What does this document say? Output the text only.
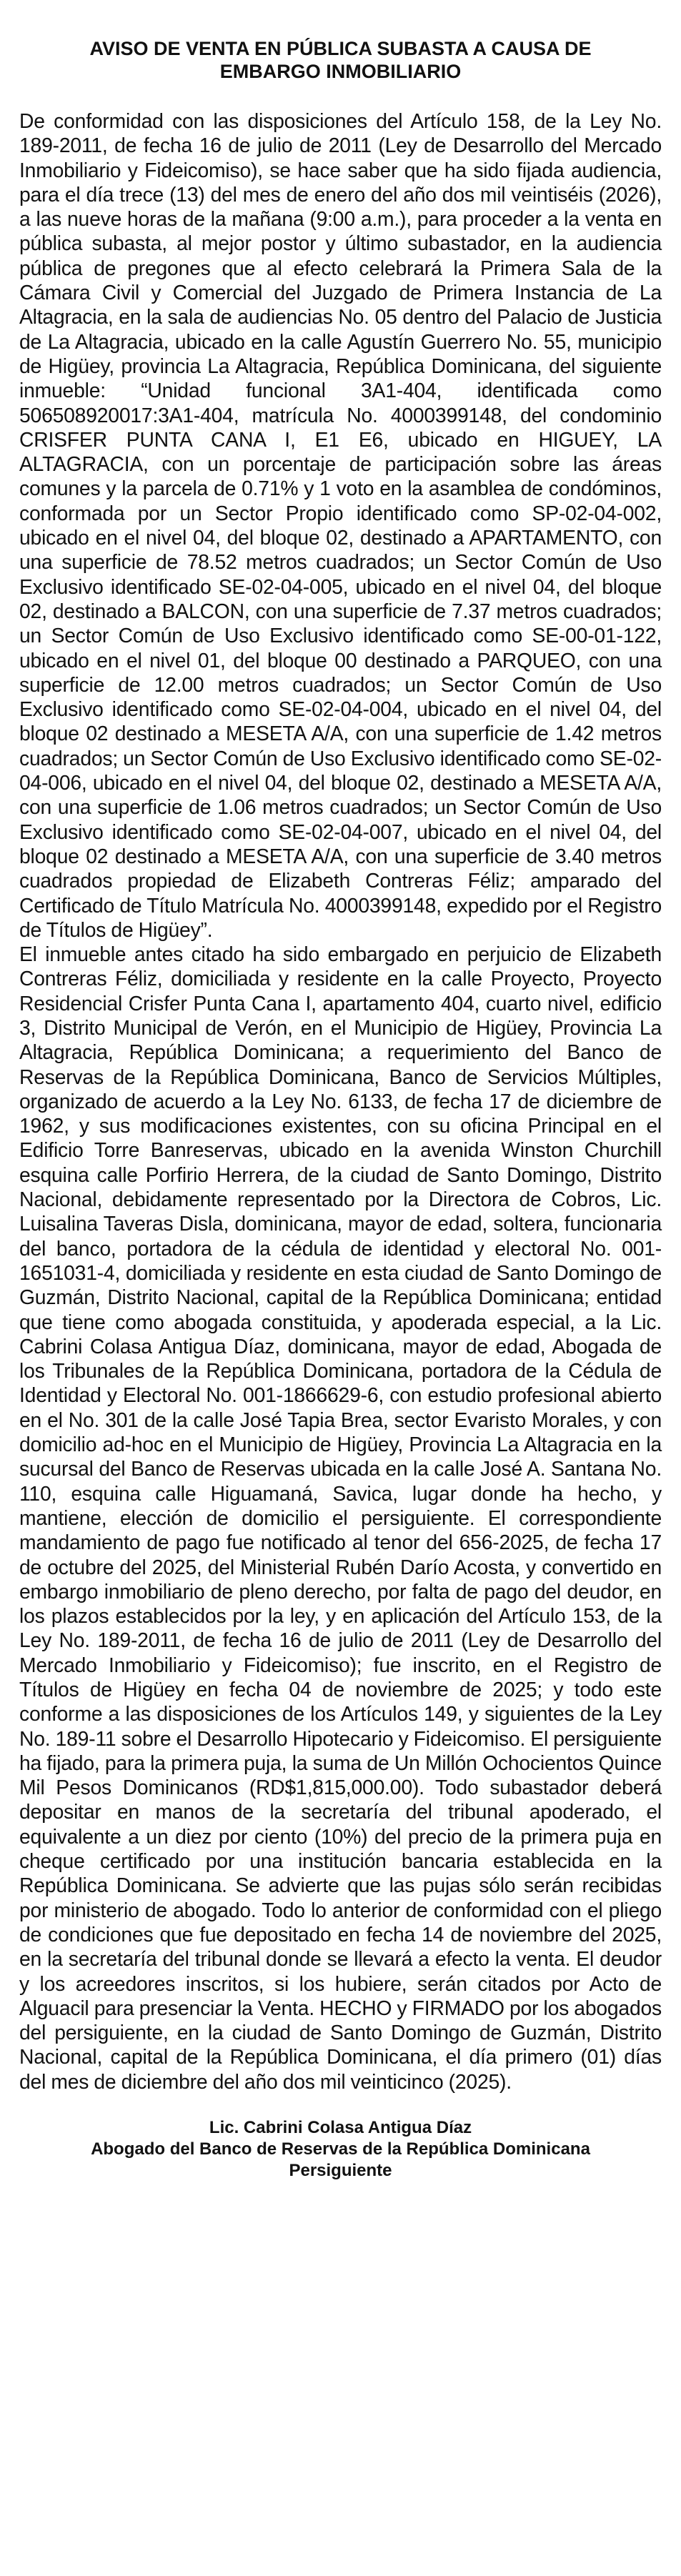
AVISO DE VENTA EN PÚBLICA SUBASTA A CAUSA DE EMBARGO INMOBILIARIO

De conformidad con las disposiciones del Artículo 158, de la Ley No. 189-2011, de fecha 16 de julio de 2011 (Ley de Desarrollo del Mercado Inmobiliario y Fideicomiso), se hace saber que ha sido fijada audiencia, para el día trece (13) del mes de enero del año dos mil veintiséis (2026), a las nueve horas de la mañana (9:00 a.m.), para proceder a la venta en pública subasta, al mejor postor y último subastador, en la audiencia pública de pregones que al efecto celebrará la Primera Sala de la Cámara Civil y Comercial del Juzgado de Primera Instancia de La Altagracia, en la sala de audiencias No. 05 dentro del Palacio de Justicia de La Altagracia, ubicado en la calle Agustín Guerrero No. 55, municipio de Higüey, provincia La Altagracia, República Dominicana, del siguiente inmueble: “Unidad funcional 3A1-404, identificada como 506508920017:3A1-404, matrícula No. 4000399148, del condominio CRISFER PUNTA CANA I, E1 E6, ubicado en HIGUEY, LA ALTAGRACIA, con un porcentaje de participación sobre las áreas comunes y la parcela de 0.71% y 1 voto en la asamblea de condóminos, conformada por un Sector Propio identificado como SP-02-04-002, ubicado en el nivel 04, del bloque 02, destinado a APARTAMENTO, con una superficie de 78.52 metros cuadrados; un Sector Común de Uso Exclusivo identificado SE-02-04-005, ubicado en el nivel 04, del bloque 02, destinado a BALCON, con una superficie de 7.37 metros cuadrados; un Sector Común de Uso Exclusivo identificado como SE-00-01-122, ubicado en el nivel 01, del bloque 00 destinado a PARQUEO, con una superficie de 12.00 metros cuadrados; un Sector Común de Uso Exclusivo identificado como SE-02-04-004, ubicado en el nivel 04, del bloque 02 destinado a MESETA A/A, con una superficie de 1.42 metros cuadrados; un Sector Común de Uso Exclusivo identificado como SE-02-04-006, ubicado en el nivel 04, del bloque 02, destinado a MESETA A/A, con una superficie de 1.06 metros cuadrados; un Sector Común de Uso Exclusivo identificado como SE-02-04-007, ubicado en el nivel 04, del bloque 02 destinado a MESETA A/A, con una superficie de 3.40 metros cuadrados propiedad de Elizabeth Contreras Féliz; amparado del Certificado de Título Matrícula No. 4000399148, expedido por el Registro de Títulos de Higüey”.

El inmueble antes citado ha sido embargado en perjuicio de Elizabeth Contreras Féliz, domiciliada y residente en la calle Proyecto, Proyecto Residencial Crisfer Punta Cana I, apartamento 404, cuarto nivel, edificio 3, Distrito Municipal de Verón, en el Municipio de Higüey, Provincia La Altagracia, República Dominicana; a requerimiento del Banco de Reservas de la República Dominicana, Banco de Servicios Múltiples, organizado de acuerdo a la Ley No. 6133, de fecha 17 de diciembre de 1962, y sus modificaciones existentes, con su oficina Principal en el Edificio Torre Banreservas, ubicado en la avenida Winston Churchill esquina calle Porfirio Herrera, de la ciudad de Santo Domingo, Distrito Nacional, debidamente representado por la Directora de Cobros, Lic. Luisalina Taveras Disla, dominicana, mayor de edad, soltera, funcionaria del banco, portadora de la cédula de identidad y electoral No. 001-1651031-4, domiciliada y residente en esta ciudad de Santo Domingo de Guzmán, Distrito Nacional, capital de la República Dominicana; entidad que tiene como abogada constituida, y apoderada especial, a la Lic. Cabrini Colasa Antigua Díaz, dominicana, mayor de edad, Abogada de los Tribunales de la República Dominicana, portadora de la Cédula de Identidad y Electoral No. 001-1866629-6, con estudio profesional abierto en el No. 301 de la calle José Tapia Brea, sector Evaristo Morales, y con domicilio ad-hoc en el Municipio de Higüey, Provincia La Altagracia en la sucursal del Banco de Reservas ubicada en la calle José A. Santana No. 110, esquina calle Higuamaná, Savica, lugar donde ha hecho, y mantiene, elección de domicilio el persiguiente. El correspondiente mandamiento de pago fue notificado al tenor del 656-2025, de fecha 17 de octubre del 2025, del Ministerial Rubén Darío Acosta, y convertido en embargo inmobiliario de pleno derecho, por falta de pago del deudor, en los plazos establecidos por la ley, y en aplicación del Artículo 153, de la Ley No. 189-2011, de fecha 16 de julio de 2011 (Ley de Desarrollo del Mercado Inmobiliario y Fideicomiso); fue inscrito, en el Registro de Títulos de Higüey en fecha 04 de noviembre de 2025; y todo este conforme a las disposiciones de los Artículos 149, y siguientes de la Ley No. 189-11 sobre el Desarrollo Hipotecario y Fideicomiso. El persiguiente ha fijado, para la primera puja, la suma de Un Millón Ochocientos Quince Mil Pesos Dominicanos (RD$1,815,000.00). Todo subastador deberá depositar en manos de la secretaría del tribunal apoderado, el equivalente a un diez por ciento (10%) del precio de la primera puja en cheque certificado por una institución bancaria establecida en la República Dominicana. Se advierte que las pujas sólo serán recibidas por ministerio de abogado. Todo lo anterior de conformidad con el pliego de condiciones que fue depositado en fecha 14 de noviembre del 2025, en la secretaría del tribunal donde se llevará a efecto la venta. El deudor y los acreedores inscritos, si los hubiere, serán citados por Acto de Alguacil para presenciar la Venta. HECHO y FIRMADO por los abogados del persiguiente, en la ciudad de Santo Domingo de Guzmán, Distrito Nacional, capital de la República Dominicana, el día primero (01) días del mes de diciembre del año dos mil veinticinco (2025).

Lic. Cabrini Colasa Antigua Díaz
Abogado del Banco de Reservas de la República Dominicana
Persiguiente
